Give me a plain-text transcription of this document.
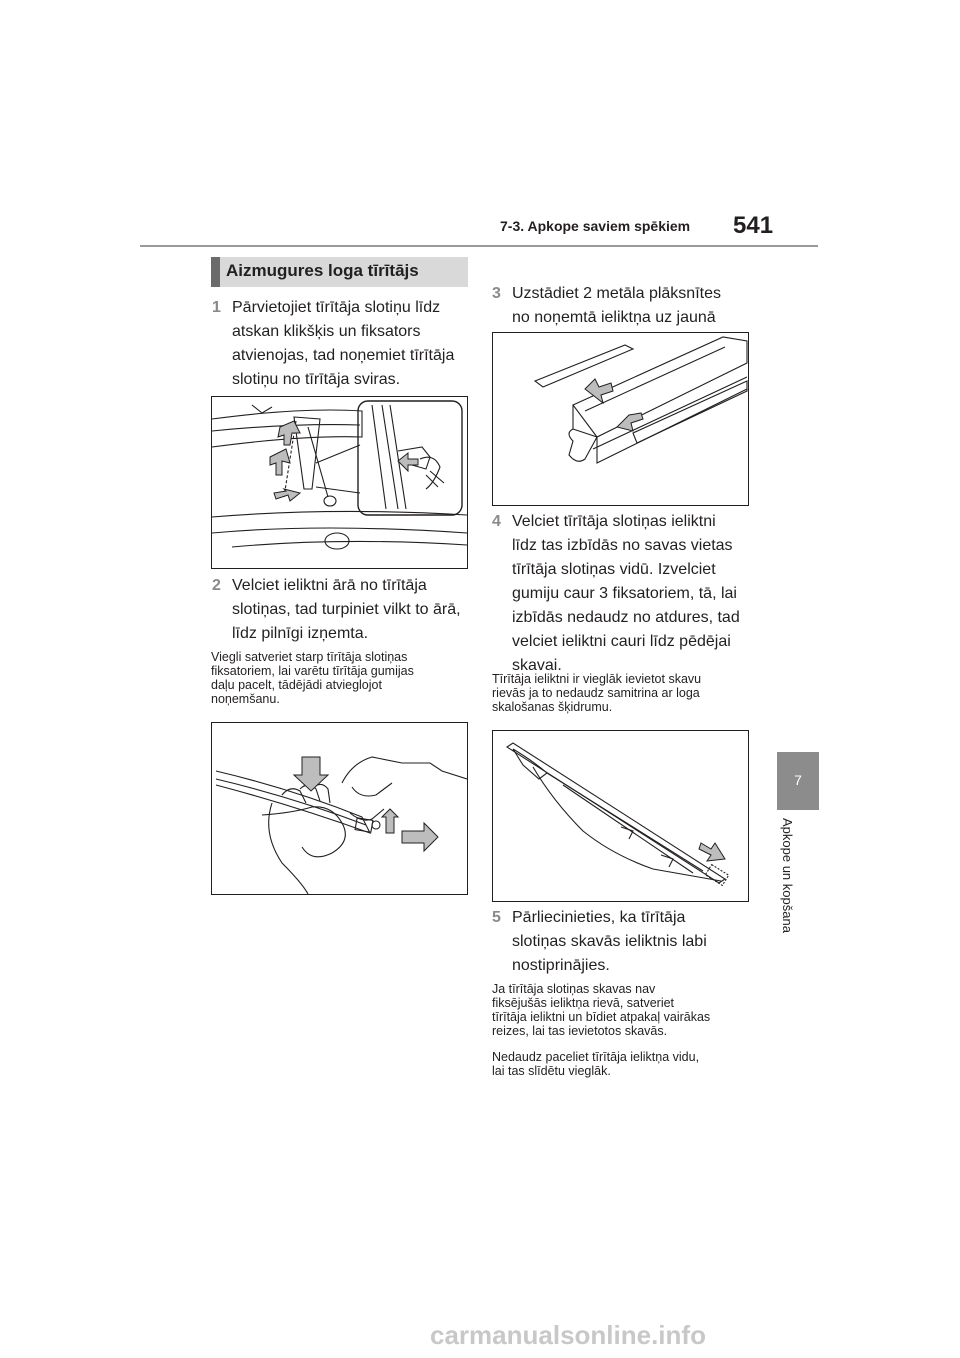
7-3. Apkope saviem spēkiem 541
Aizmugures loga tīrītājs
1 Pārvietojiet tīrītāja slotiņu līdz
atskan klikšķis un fiksators
atvienojas, tad noņemiet tīrītāja
slotiņu no tīrītāja sviras.
2 Velciet ieliktni ārā no tīrītāja
slotiņas, tad turpiniet vilkt to ārā,
līdz pilnīgi izņemta.
Viegli satveriet starp tīrītāja slotiņas
fiksatoriem, lai varētu tīrītāja gumijas
daļu pacelt, tādējādi atvieglojot
noņemšanu.
3 Uzstādiet 2 metāla plāksnītes
no noņemtā ieliktņa uz jaunā
4 Velciet tīrītāja slotiņas ieliktni
līdz tas izbīdās no savas vietas
tīrītāja slotiņas vidū. Izvelciet
gumiju caur 3 fiksatoriem, tā, lai
izbīdās nedaudz no atdures, tad
velciet ieliktni cauri līdz pēdējai
skavai.
Tīrītāja ieliktni ir vieglāk ievietot skavu
rievās ja to nedaudz samitrina ar loga
skalošanas šķidrumu.
5 Pārliecinieties, ka tīrītāja
slotiņas skavās ieliktnis labi
nostiprinājies.
Ja tīrītāja slotiņas skavas nav
fiksējušās ieliktņa rievā, satveriet
tīrītāja ieliktni un bīdiet atpakaļ vairākas
reizes, lai tas ievietotos skavās.
Nedaudz paceliet tīrītāja ieliktņa vidu,
lai tas slīdētu vieglāk.
7
Apkope un kopšana
carmanualsonline.info
